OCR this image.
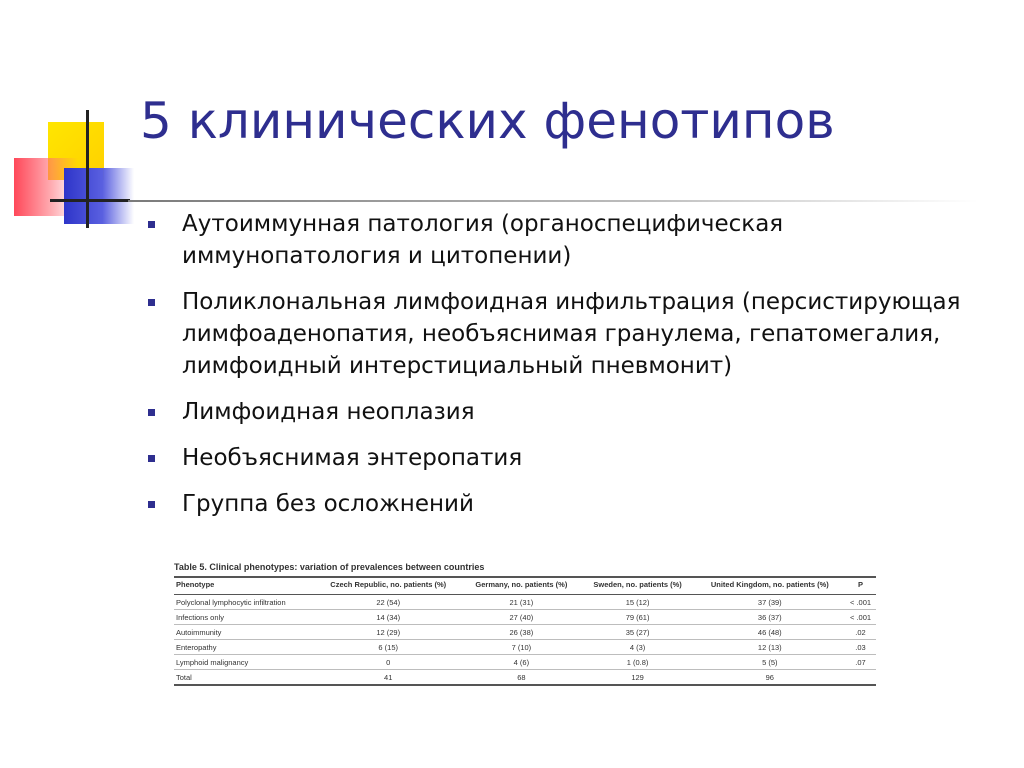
5 клинических фенотипов
Аутоиммунная патология (органоспецифическая иммунопатология и цитопении)
Поликлональная лимфоидная инфильтрация (персистирующая лимфоаденопатия, необъяснимая гранулема, гепатомегалия, лимфоидный интерстициальный пневмонит)
Лимфоидная неоплазия
Необъяснимая энтеропатия
Группа без осложнений
Table 5. Clinical phenotypes: variation of prevalences between countries
Phenotype	Czech Republic, no. patients (%)	Germany, no. patients (%)	Sweden, no. patients (%)	United Kingdom, no. patients (%)	P
Polyclonal lymphocytic infiltration	22 (54)	21 (31)	15 (12)	37 (39)	< .001
Infections only	14 (34)	27 (40)	79 (61)	36 (37)	< .001
Autoimmunity	12 (29)	26 (38)	35 (27)	46 (48)	.02
Enteropathy	6 (15)	7 (10)	4 (3)	12 (13)	.03
Lymphoid malignancy	0	4 (6)	1 (0.8)	5 (5)	.07
Total	41	68	129	96	
